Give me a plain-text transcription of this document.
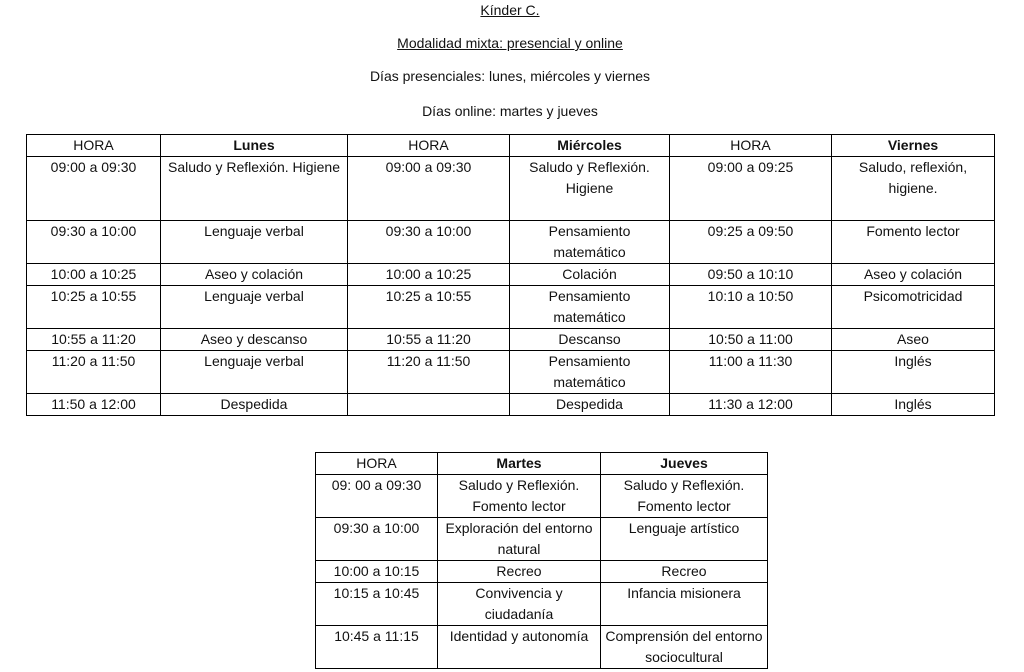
Kínder C.
Modalidad mixta: presencial y online
Días presenciales: lunes, miércoles y viernes
Días online: martes y jueves
HORA	Lunes	HORA	Miércoles	HORA	Viernes
09:00 a 09:30	Saludo y Reflexión. Higiene	09:00 a 09:30	Saludo y Reflexión. Higiene	09:00 a 09:25	Saludo, reflexión, higiene.
09:30 a 10:00	Lenguaje verbal	09:30 a 10:00	Pensamiento matemático	09:25 a 09:50	Fomento lector
10:00 a 10:25	Aseo y colación	10:00 a 10:25	Colación	09:50 a 10:10	Aseo y colación
10:25 a 10:55	Lenguaje verbal	10:25 a 10:55	Pensamiento matemático	10:10 a 10:50	Psicomotricidad
10:55 a 11:20	Aseo y descanso	10:55 a 11:20	Descanso	10:50 a 11:00	Aseo
11:20 a 11:50	Lenguaje verbal	11:20 a 11:50	Pensamiento matemático	11:00 a 11:30	Inglés
11:50 a 12:00	Despedida		Despedida	11:30 a 12:00	Inglés
HORA	Martes	Jueves
09: 00 a 09:30	Saludo y Reflexión. Fomento lector	Saludo y Reflexión. Fomento lector
09:30 a 10:00	Exploración del entorno natural	Lenguaje artístico
10:00 a 10:15	Recreo	Recreo
10:15 a 10:45	Convivencia y ciudadanía	Infancia misionera
10:45 a 11:15	Identidad y autonomía	Comprensión del entorno sociocultural
